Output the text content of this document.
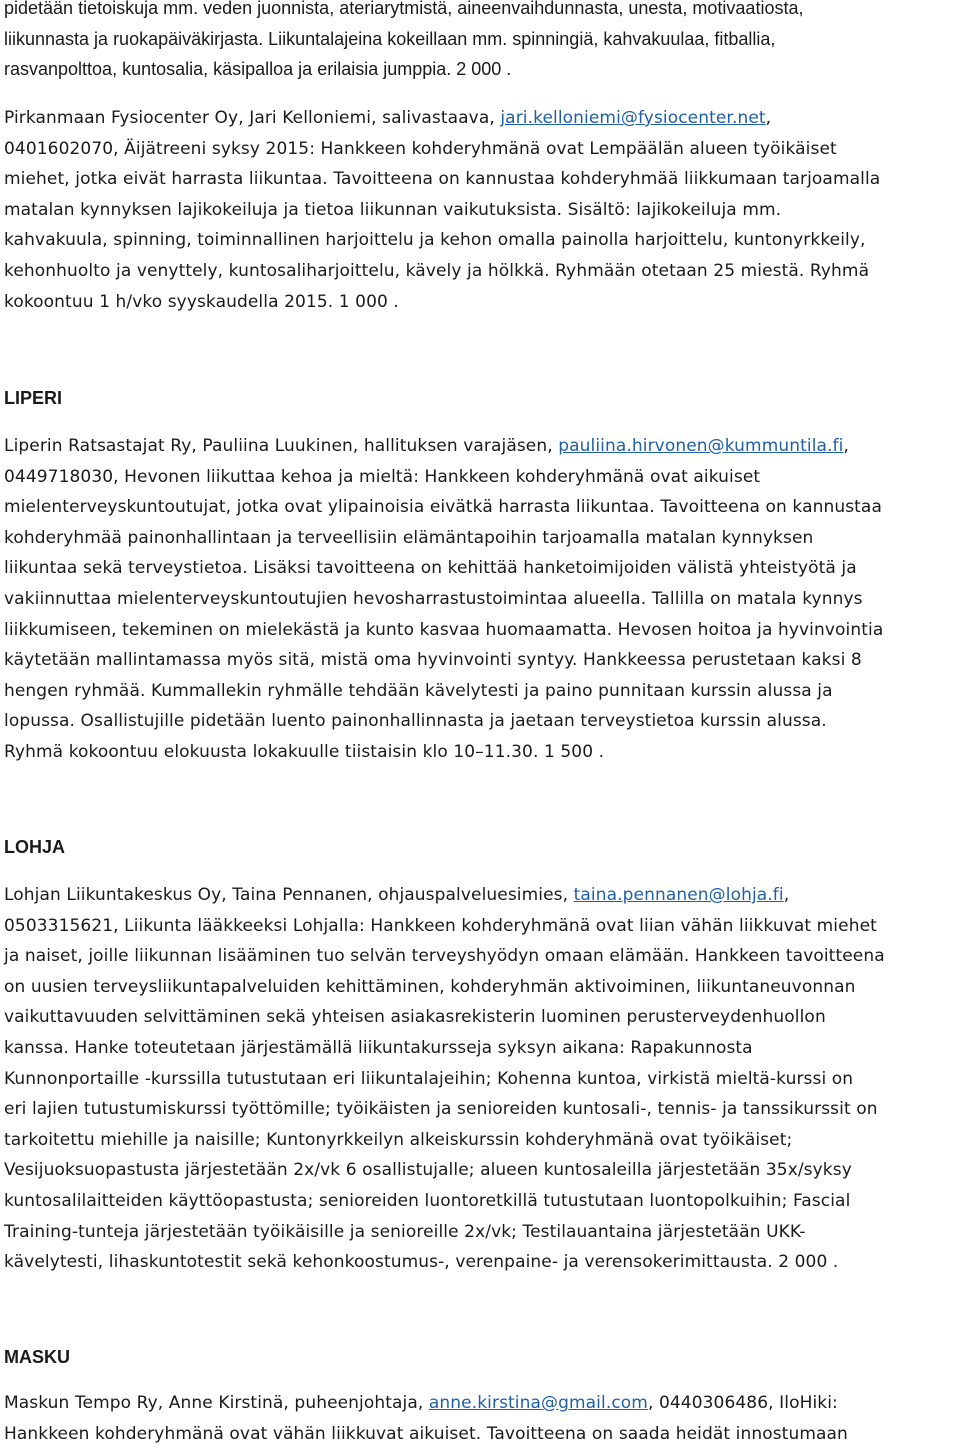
pidetään tietoiskuja mm. veden juonnista, ateriarytmistä, aineenvaihdunnasta, unesta, motivaatiosta,
liikunnasta ja ruokapäiväkirjasta. Liikuntalajeina kokeillaan mm. spinningiä, kahvakuulaa, fitballia,
rasvanpolttoa, kuntosalia, käsipalloa ja erilaisia jumppia. 2 000 .

Pirkanmaan Fysiocenter Oy, Jari Kelloniemi, salivastaava, jari.kelloniemi@fysiocenter.net,
0401602070, Äijätreeni syksy 2015: Hankkeen kohderyhmänä ovat Lempäälän alueen työikäiset
miehet, jotka eivät harrasta liikuntaa. Tavoitteena on kannustaa kohderyhmää liikkumaan tarjoamalla
matalan kynnyksen lajikokeiluja ja tietoa liikunnan vaikutuksista. Sisältö: lajikokeiluja mm.
kahvakuula, spinning, toiminnallinen harjoittelu ja kehon omalla painolla harjoittelu, kuntonyrkkeily,
kehonhuolto ja venyttely, kuntosaliharjoittelu, kävely ja hölkkä. Ryhmään otetaan 25 miestä. Ryhmä
kokoontuu 1 h/vko syyskaudella 2015. 1 000 .

LIPERI

Liperin Ratsastajat Ry, Pauliina Luukinen, hallituksen varajäsen, pauliina.hirvonen@kummuntila.fi,
0449718030, Hevonen liikuttaa kehoa ja mieltä: Hankkeen kohderyhmänä ovat aikuiset
mielenterveyskuntoutujat, jotka ovat ylipainoisia eivätkä harrasta liikuntaa. Tavoitteena on kannustaa
kohderyhmää painonhallintaan ja terveellisiin elämäntapoihin tarjoamalla matalan kynnyksen
liikuntaa sekä terveystietoa. Lisäksi tavoitteena on kehittää hanketoimijoiden välistä yhteistyötä ja
vakiinnuttaa mielenterveyskuntoutujien hevosharrastustoimintaa alueella. Tallilla on matala kynnys
liikkumiseen, tekeminen on mielekästä ja kunto kasvaa huomaamatta. Hevosen hoitoa ja hyvinvointia
käytetään mallintamassa myös sitä, mistä oma hyvinvointi syntyy. Hankkeessa perustetaan kaksi 8
hengen ryhmää. Kummallekin ryhmälle tehdään kävelytesti ja paino punnitaan kurssin alussa ja
lopussa. Osallistujille pidetään luento painonhallinnasta ja jaetaan terveystietoa kurssin alussa.
Ryhmä kokoontuu elokuusta lokakuulle tiistaisin klo 10–11.30. 1 500 .

LOHJA

Lohjan Liikuntakeskus Oy, Taina Pennanen, ohjauspalveluesimies, taina.pennanen@lohja.fi,
0503315621, Liikunta lääkkeeksi Lohjalla: Hankkeen kohderyhmänä ovat liian vähän liikkuvat miehet
ja naiset, joille liikunnan lisääminen tuo selvän terveyshyödyn omaan elämään. Hankkeen tavoitteena
on uusien terveysliikuntapalveluiden kehittäminen, kohderyhmän aktivoiminen, liikuntaneuvonnan
vaikuttavuuden selvittäminen sekä yhteisen asiakasrekisterin luominen perusterveydenhuollon
kanssa. Hanke toteutetaan järjestämällä liikuntakursseja syksyn aikana: Rapakunnosta
Kunnonportaille -kurssilla tutustutaan eri liikuntalajeihin; Kohenna kuntoa, virkistä mieltä-kurssi on
eri lajien tutustumiskurssi työttömille; työikäisten ja senioreiden kuntosali-, tennis- ja tanssikurssit on
tarkoitettu miehille ja naisille; Kuntonyrkkeilyn alkeiskurssin kohderyhmänä ovat työikäiset;
Vesijuoksuopastusta järjestetään 2x/vk 6 osallistujalle; alueen kuntosaleilla järjestetään 35x/syksy
kuntosalilaitteiden käyttöopastusta; senioreiden luontoretkillä tutustutaan luontopolkuihin; Fascial
Training-tunteja järjestetään työikäisille ja senioreille 2x/vk; Testilauantaina järjestetään UKK-
kävelytesti, lihaskuntotestit sekä kehonkoostumus-, verenpaine- ja verensokerimittausta. 2 000 .

MASKU

Maskun Tempo Ry, Anne Kirstinä, puheenjohtaja, anne.kirstina@gmail.com, 0440306486, IloHiki:
Hankkeen kohderyhmänä ovat vähän liikkuvat aikuiset. Tavoitteena on saada heidät innostumaan
